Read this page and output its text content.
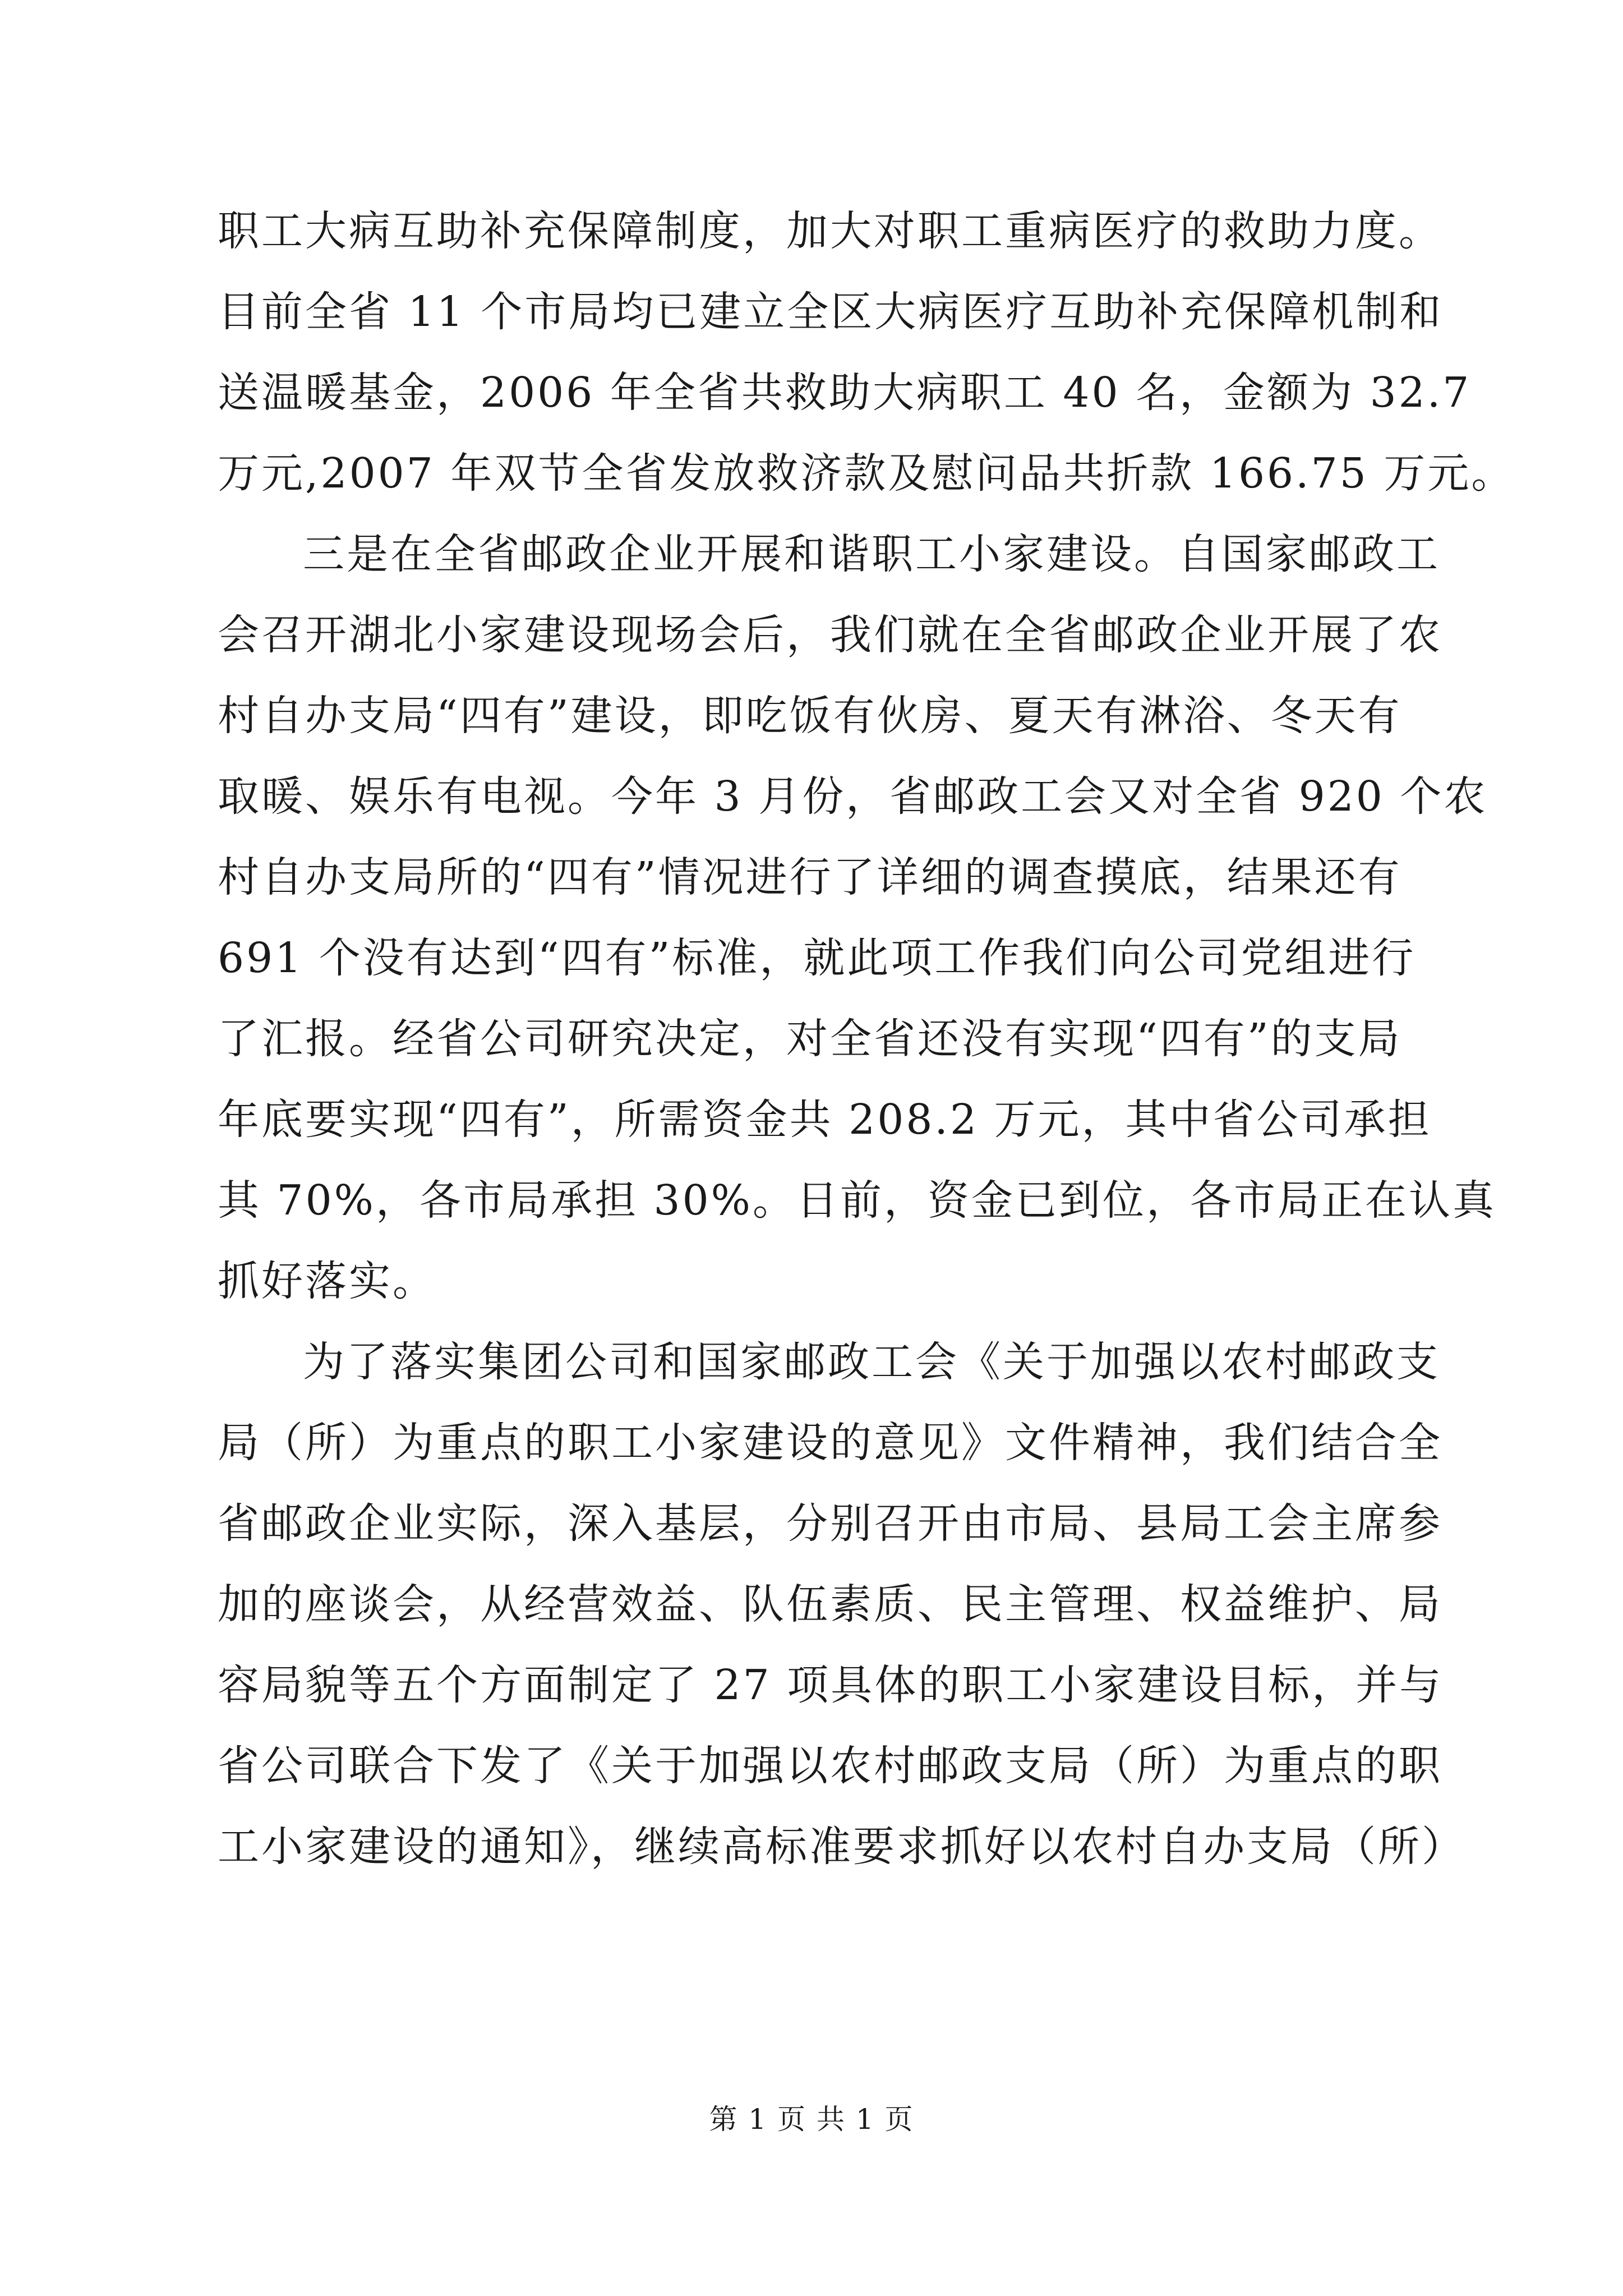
职工大病互助补充保障制度，加大对职工重病医疗的救助力度。
目前全省 11 个市局均已建立全区大病医疗互助补充保障机制和
送温暖基金，2006 年全省共救助大病职工 40 名，金额为 32.7
万元,2007 年双节全省发放救济款及慰问品共折款 166.75 万元。
三是在全省邮政企业开展和谐职工小家建设。自国家邮政工
会召开湖北小家建设现场会后，我们就在全省邮政企业开展了农
村自办支局“四有”建设，即吃饭有伙房、夏天有淋浴、冬天有
取暖、娱乐有电视。今年 3 月份，省邮政工会又对全省 920 个农
村自办支局所的“四有”情况进行了详细的调查摸底，结果还有
691 个没有达到“四有”标准，就此项工作我们向公司党组进行
了汇报。经省公司研究决定，对全省还没有实现“四有”的支局
年底要实现“四有”，所需资金共 208.2 万元，其中省公司承担
其 70%，各市局承担 30%。日前，资金已到位，各市局正在认真
抓好落实。
为了落实集团公司和国家邮政工会《关于加强以农村邮政支
局（所）为重点的职工小家建设的意见》文件精神，我们结合全
省邮政企业实际，深入基层，分别召开由市局、县局工会主席参
加的座谈会，从经营效益、队伍素质、民主管理、权益维护、局
容局貌等五个方面制定了 27 项具体的职工小家建设目标，并与
省公司联合下发了《关于加强以农村邮政支局（所）为重点的职
工小家建设的通知》，继续高标准要求抓好以农村自办支局（所）
第 1 页 共 1 页
